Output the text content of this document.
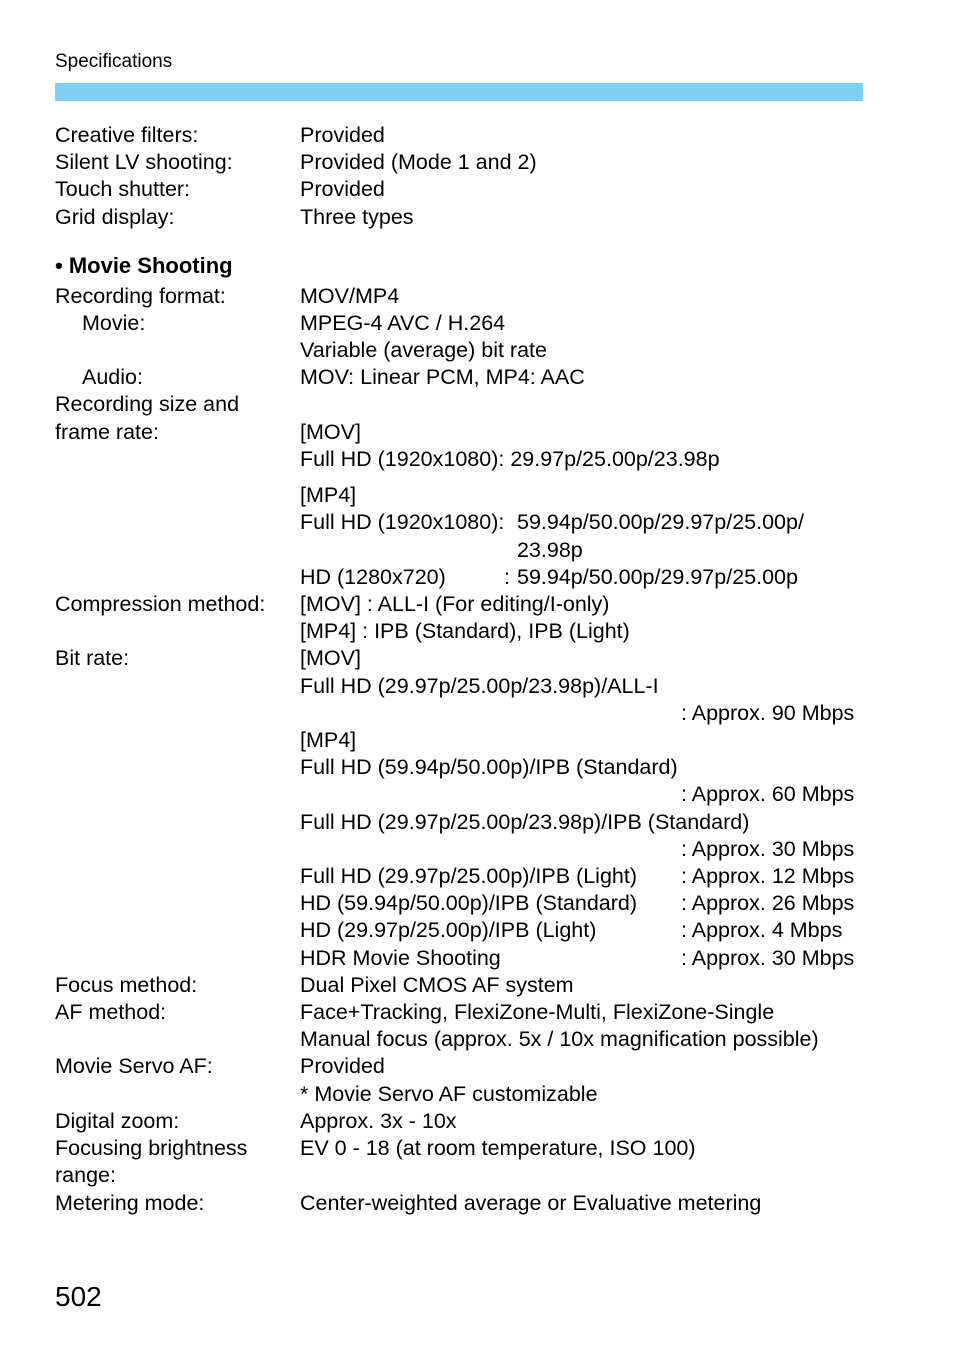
Specifications
Creative filters:	Provided
Silent LV shooting:	Provided (Mode 1 and 2)
Touch shutter:	Provided
Grid display:	Three types
• Movie Shooting
Recording format:	MOV/MP4
Movie:	MPEG-4 AVC / H.264
Variable (average) bit rate
Audio:	MOV: Linear PCM, MP4: AAC
Recording size and
frame rate:	[MOV]
Full HD (1920x1080): 29.97p/25.00p/23.98p
[MP4]
Full HD (1920x1080): 59.94p/50.00p/29.97p/25.00p/
23.98p
HD (1280x720)	: 59.94p/50.00p/29.97p/25.00p
Compression method: [MOV] : ALL-I (For editing/I-only)
[MP4] : IPB (Standard), IPB (Light)
Bit rate:	[MOV]
Full HD (29.97p/25.00p/23.98p)/ALL-I
: Approx. 90 Mbps
[MP4]
Full HD (59.94p/50.00p)/IPB (Standard)
: Approx. 60 Mbps
Full HD (29.97p/25.00p/23.98p)/IPB (Standard)
: Approx. 30 Mbps
Full HD (29.97p/25.00p)/IPB (Light) : Approx. 12 Mbps
HD (59.94p/50.00p)/IPB (Standard) : Approx. 26 Mbps
HD (29.97p/25.00p)/IPB (Light)	: Approx. 4 Mbps
HDR Movie Shooting	: Approx. 30 Mbps
Focus method:	Dual Pixel CMOS AF system
AF method:	Face+Tracking, FlexiZone-Multi, FlexiZone-Single
Manual focus (approx. 5x / 10x magnification possible)
Movie Servo AF:	Provided
* Movie Servo AF customizable
Digital zoom:	Approx. 3x - 10x
Focusing brightness EV 0 - 18 (at room temperature, ISO 100)
range:
Metering mode:	Center-weighted average or Evaluative metering
502
